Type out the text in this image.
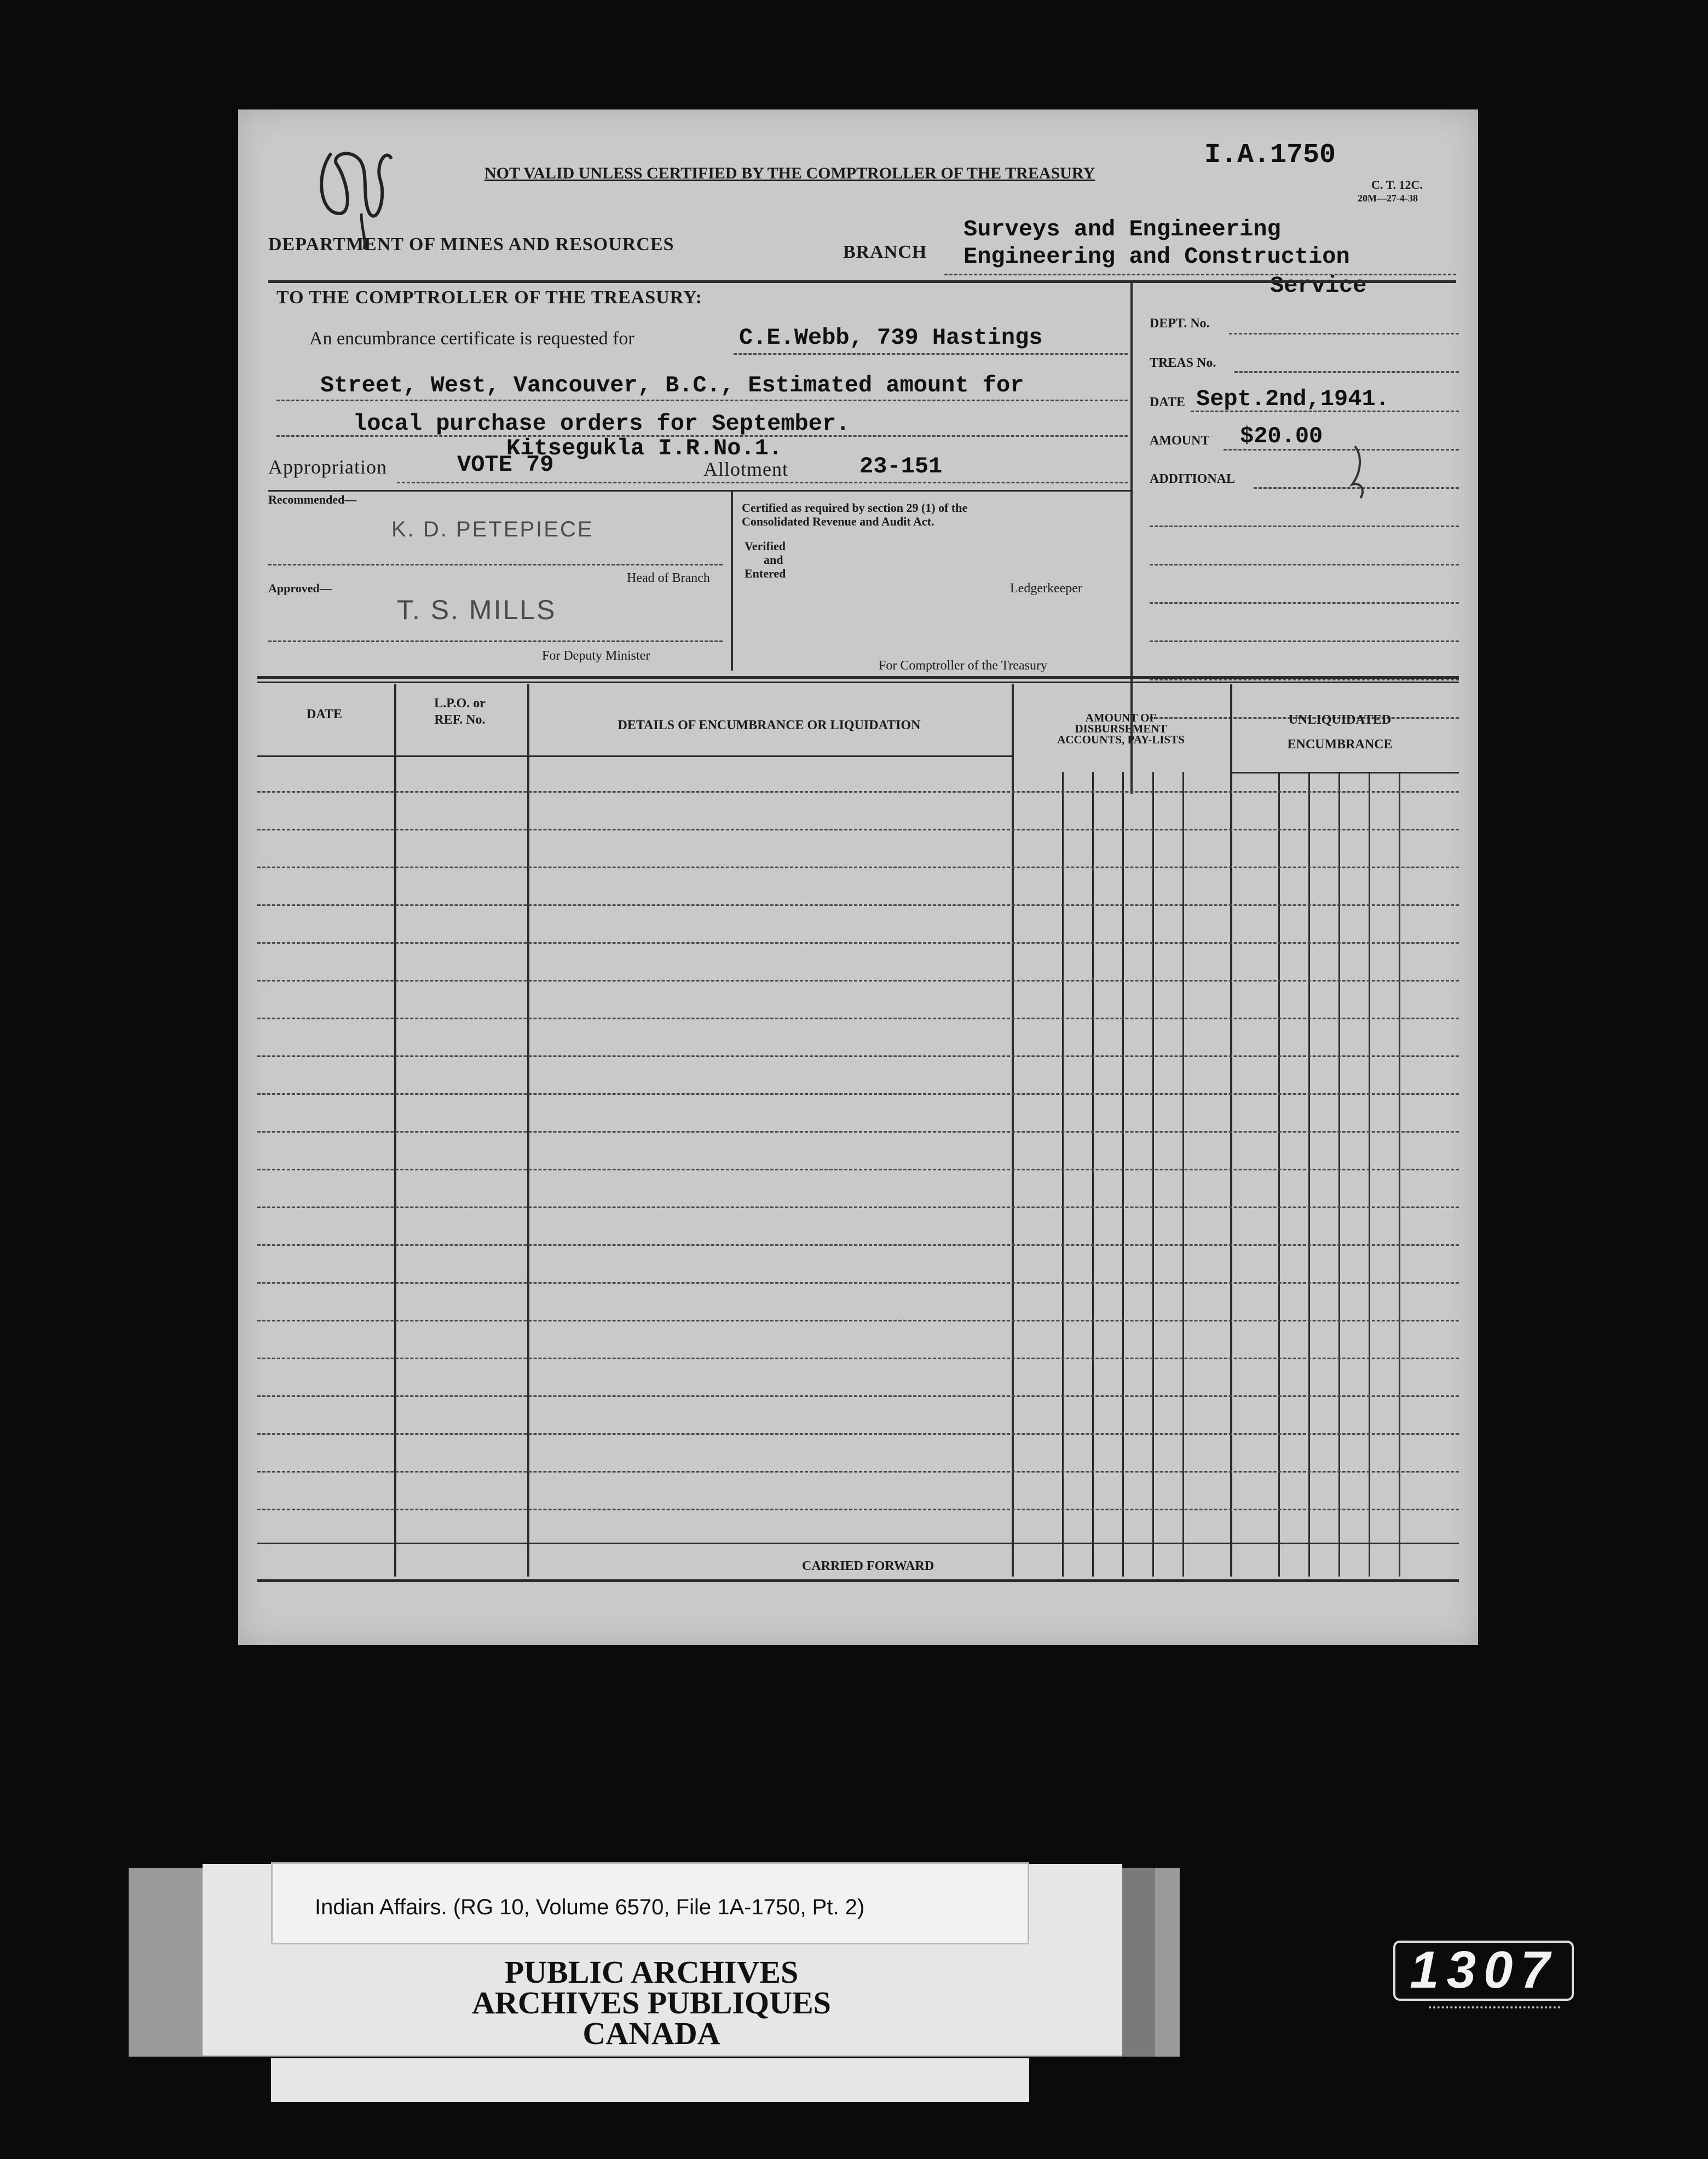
NOT VALID UNLESS CERTIFIED BY THE COMPTROLLER OF THE TREASURY
I.A.1750
C. T. 12C.
20M—27-4-38
DEPARTMENT OF MINES AND RESOURCES	BRANCH
Surveys and Engineering
Engineering and Construction
Service
TO THE COMPTROLLER OF THE TREASURY:
An encumbrance certificate is requested for	C.E.Webb, 739 Hastings
Street, West, Vancouver, B.C., Estimated amount for
local purchase orders for September.
Kitsegukla I.R.No.1.
Appropriation	VOTE 79	Allotment	23-151
DEPT. No.
TREAS No.
DATE Sept.2nd,1941.
AMOUNT $20.00
ADDITIONAL
Recommended—
K. D. PETEPIECE
Head of Branch
Approved—
T. S. MILLS
For Deputy Minister
Certified as required by section 29 (1) of the
Consolidated Revenue and Audit Act.
Verified
and
Entered
Ledgerkeeper
For Comptroller of the Treasury
DATE
L.P.O. or
REF. No.	DETAILS OF ENCUMBRANCE OR LIQUIDATION
AMOUNT OF
DISBURSEMENT
ACCOUNTS, PAY-LISTS
UNLIQUIDATED
ENCUMBRANCE
CARRIED FORWARD
Indian Affairs. (RG 10, Volume 6570, File 1A-1750, Pt. 2)
PUBLIC ARCHIVES
ARCHIVES PUBLIQUES
CANADA
1307
